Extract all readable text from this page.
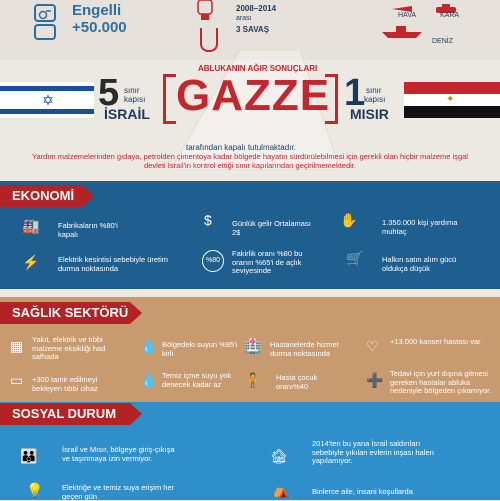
Engelli
+50.000
2008–2014
arası
3 SAVAŞ
HAVA	KARA
DENİZ
✡	✦
5 sınır
kapısı
İSRAİL
ABLUKANIN AĞIR SONUÇLARI
GAZZE 1 sınır
kapısı
MISIR
tarafından kapalı tutulmaktadır.
Yardım malzemelerinden gıdaya, petrolden çimentoya kadar bölgede hayatın sürdürülebilmesi için gerekli olan hiçbir malzeme işgal devleti İsrail'in kontrol ettiği sınır kapılarından geçirilmemektedir.
EKONOMİ
🏭 Fabrikaların %80'i kapalı
$	Günlük gelir Ortalaması 2$
✋	1.350.000 kişi yardıma muhtaç
⚡ Elektrik kesintisi sebebiyle üretim durma noktasında
%80
Fakirlik oranı %80 bu oranın %65'i de açlık seviyesinde
🛒 Halkın satın alım gücü oldukça düşük
SAĞLIK SEKTÖRÜ
▦ Yakıt, elektrik ve tıbbi malzeme eksikliği had safhada
💧 Bölgedeki suyun %95'i kirli	🏥 Hastanelerde hizmet durma noktasında	♡ +13.000 kanser hastası var
▭ +300 tamir edilmeyi bekleyen tıbbi cihaz	💧 Temiz içme suyu yok denecek kadar az	🧍 Hasta çocuk oranı%40	➕ Tedavi için yurt dışına gitmesi gereken hastalar abluka nedeniyle bölgeden çıkamıyor.
SOSYAL DURUM
👪	İsrail ve Mısır, bölgeye giriş-çıkışa ve taşınmaya izin vermiyor.	🏚
2014'ten bu yana İsrail saldırıları sebebiyle yıkılan evlerin inşası halen yapılamıyor.
💡 Elektriğe ve temiz suya erişim her geçen gün	⛺	Binlerce aile, insani koşullarda
